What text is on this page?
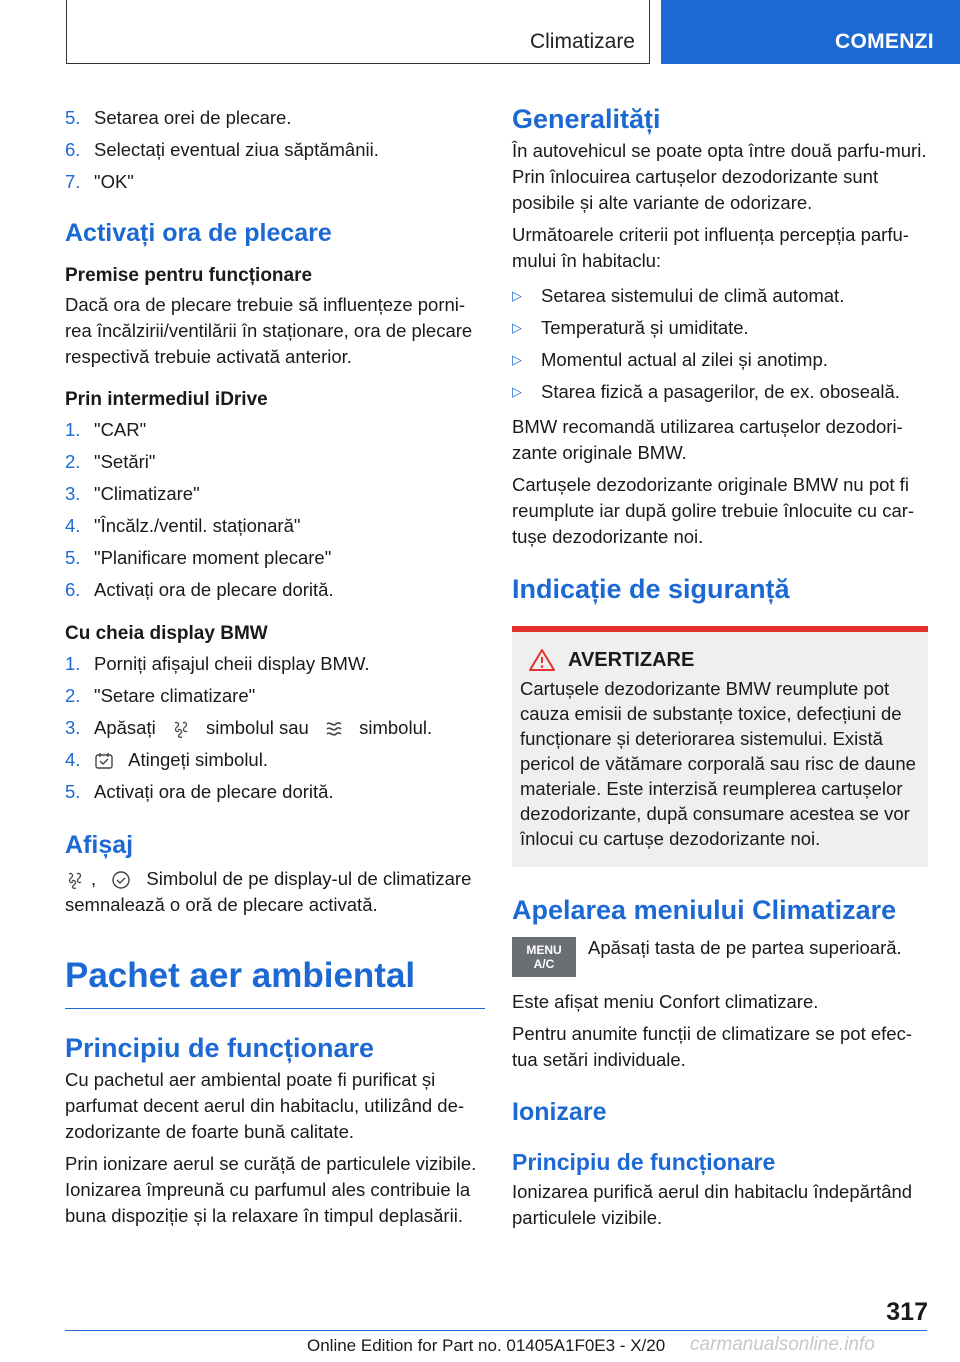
Climatizare	COMENZI
5. Setarea orei de plecare.
6. Selectați eventual ziua săptămânii.
7. "OK"
Activați ora de plecare
Premise pentru funcționare

Dacă ora de plecare trebuie să influențeze porni-rea încălzirii/ventilării în staționare, ora de plecare respectivă trebuie activată anterior.

Prin intermediul iDrive
1. "CAR"
2. "Setări"
3. "Climatizare"
4. "Încălz./ventil. staționară"
5. "Planificare moment plecare"
6. Activați ora de plecare dorită.
Cu cheia display BMW
1. Porniți afișajul cheii display BMW.
2. "Setare climatizare"
3. Apăsați	simbolul sau	simbolul.
4.	Atingeți simbolul.
5. Activați ora de plecare dorită.
Afișaj

,	Simbolul de pe display-ul de climatizare semnalează o oră de plecare activată.

Pachet aer ambiental
Principiu de funcționare

Cu pachetul aer ambiental poate fi purificat și parfumat decent aerul din habitaclu, utilizând de-zodorizante de foarte bună calitate.

Prin ionizare aerul se curăță de particulele vizibile. Ionizarea împreună cu parfumul ales contribuie la buna dispoziție și la relaxare în timpul deplasării.

Generalități

În autovehicul se poate opta între două parfu-muri. Prin înlocuirea cartușelor dezodorizante sunt posibile și alte variante de odorizare.

Următoarele criterii pot influența percepția parfu-mului în habitaclu:

▷	Setarea sistemului de climă automat.
▷	Temperatură și umiditate.
▷	Momentul actual al zilei și anotimp.
▷	Starea fizică a pasagerilor, de ex. oboseală.

BMW recomandă utilizarea cartușelor dezodori-zante originale BMW.

Cartușele dezodorizante originale BMW nu pot fi reumplute iar după golire trebuie înlocuite cu car-tușe dezodorizante noi.

Indicație de siguranță
AVERTIZARE

Cartușele dezodorizante BMW reumplute pot cauza emisii de substanțe toxice, defecțiuni de funcționare și deteriorarea sistemului. Există pericol de vătămare corporală sau risc de daune materiale. Este interzisă reumplerea cartușelor dezodorizante, după consumare acestea se vor înlocui cu cartușe dezodorizante noi.

Apelarea meniului Climatizare
MENU
A/C

Apăsați tasta de pe partea superioară.

Este afișat meniu Confort climatizare.

Pentru anumite funcții de climatizare se pot efec-tua setări individuale.

Ionizare
Principiu de funcționare

Ionizarea purifică aerul din habitaclu îndepărtând particulele vizibile.

317
Online Edition for Part no. 01405A1F0E3 - X/20 carmanualsonline.info
